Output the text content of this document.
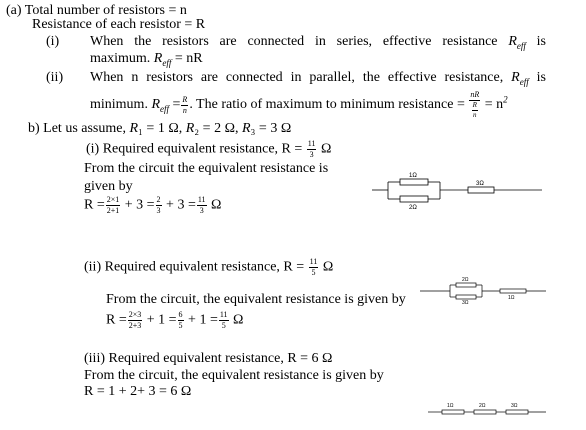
(a) Total number of resistors = n
Resistance of each resistor = R
(i) When the resistors are connected in series, effective resistance $R_{eff}$ is
maximum. $R_{eff}$ = nR
(ii) When n resistors are connected in parallel, the effective resistance, $R_{eff}$ is
minimum. $R_{eff} = \frac{R}{n}$ . The ratio of maximum to minimum resistance = $\frac{nR}{\frac{R}{n}} = n^2$
b) Let us assume, R₁ = 1 Ω, R₂ = 2 Ω, R₃ = 3 Ω
(i) Required equivalent resistance, $R = \frac{11}{3}$ Ω
From the circuit the equivalent resistance is
given by
$R = \frac{2\times 1}{2+1} + 3 = \frac{2}{3} + 3 = \frac{11}{3}$ Ω
1Ω
2Ω
3Ω
(ii) Required equivalent resistance, $R = \frac{11}{5}$ Ω
From the circuit, the equivalent resistance is given by
$R = \frac{2\times 3}{2+3} + 1 = \frac{6}{5} + 1 = \frac{11}{5}$ Ω
2Ω
3Ω
1Ω
(iii) Required equivalent resistance, R = 6 Ω
From the circuit, the equivalent resistance is given by
R = 1 + 2+ 3 = 6 Ω
1Ω	2Ω	3Ω
